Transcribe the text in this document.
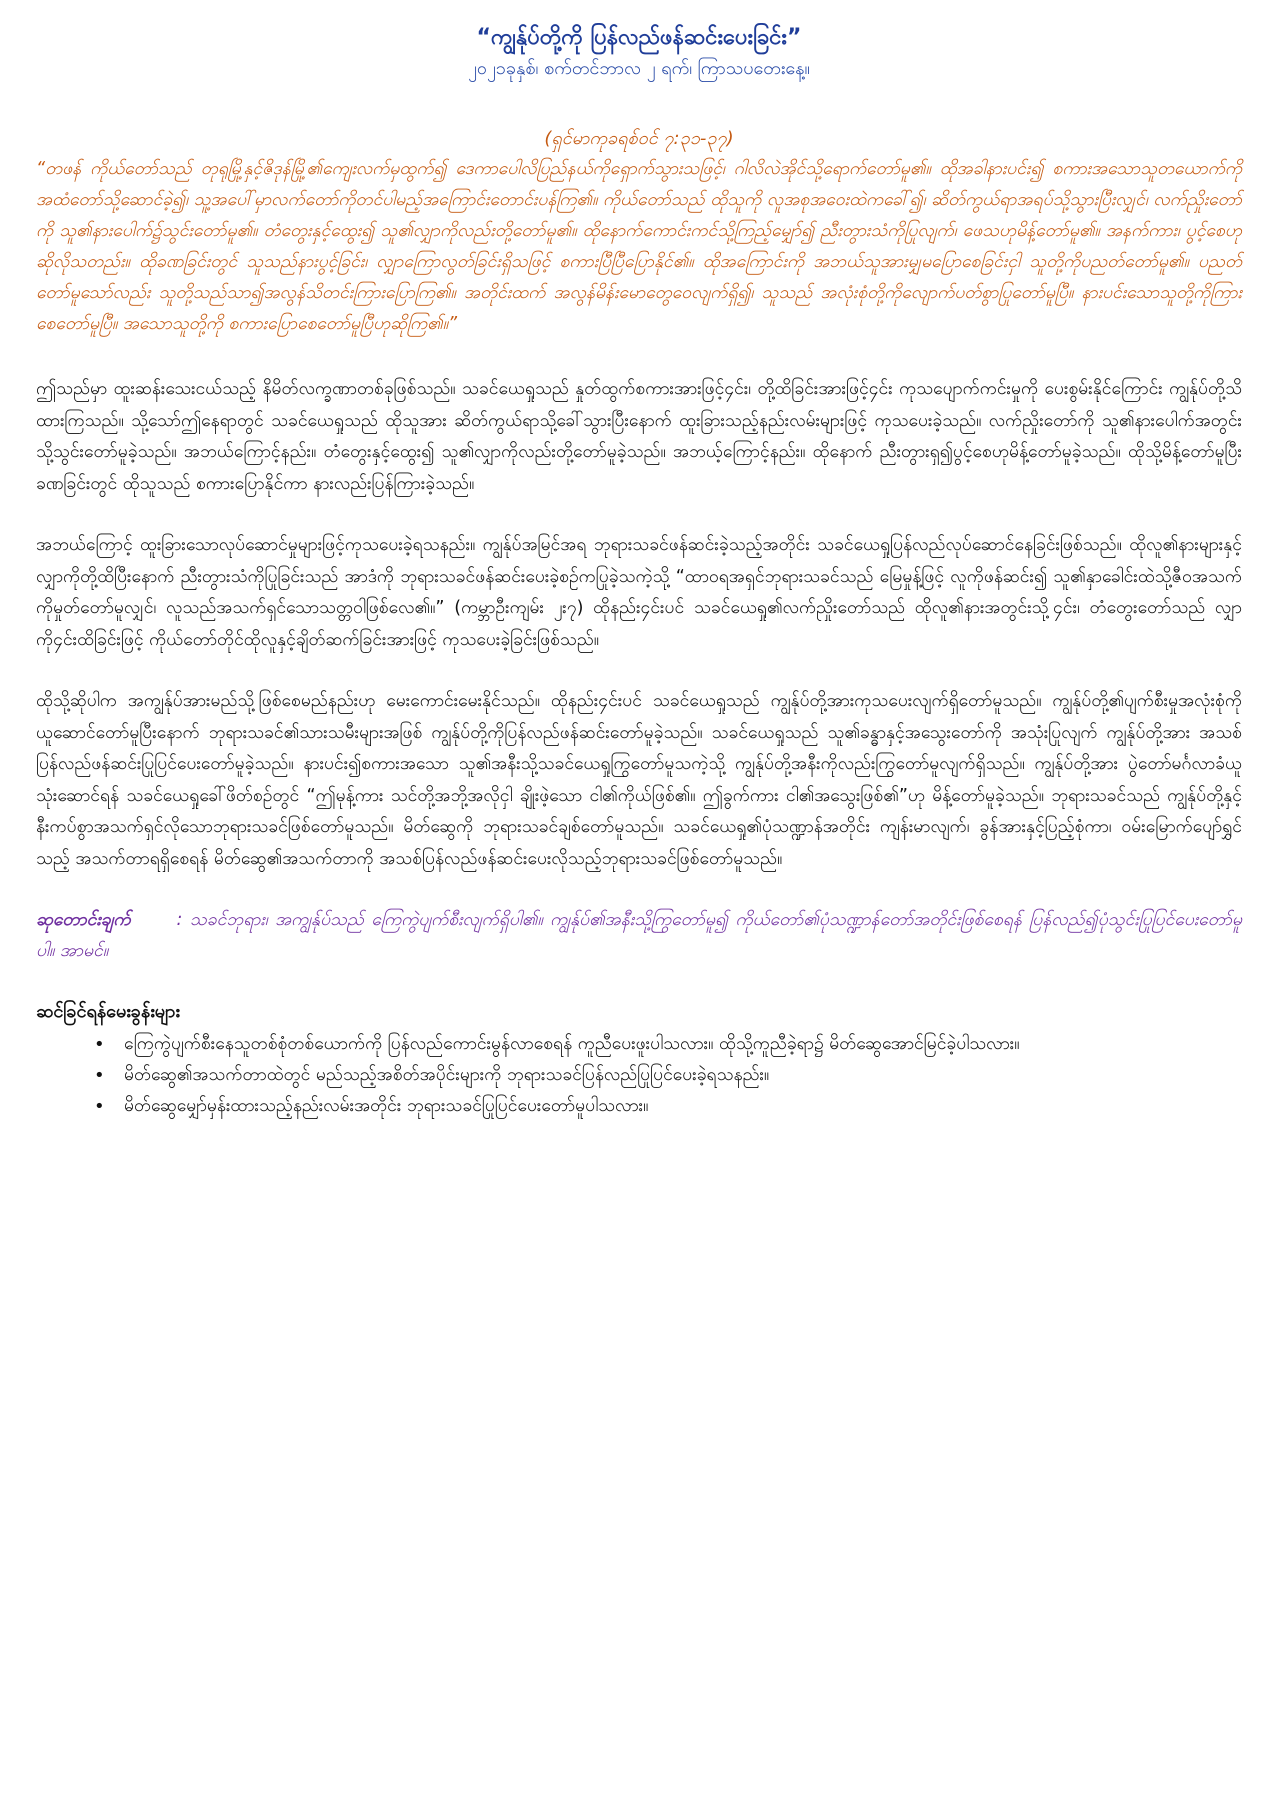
“ကျွန်ုပ်တို့ကို ပြန်လည်ဖန်ဆင်းပေးခြင်း”

၂၀၂၁ခုနှစ်၊ စက်တင်ဘာလ ၂ ရက်၊ ကြာသပတေးနေ့။

(ရှင်မာကုခရစ်ဝင် ၇:၃၁-၃၇)

“တဖန် ကိုယ်တော်သည် တုရုမြို့နှင့်ဇိဒုန်မြို့၏ကျေးလက်မှထွက်၍ ဒေကာပေါလိပြည်နယ်ကိုရှောက်သွားသဖြင့်၊ ဂါလိလဲအိုင်သို့ရောက်တော်မူ၏။ ထိုအခါနားပင်း၍ စကားအသောသူတယောက်ကို အထံတော်သို့ဆောင်ခဲ့၍၊ သူ့အပေါ်မှာလက်တော်ကိုတင်ပါမည့်အကြောင်းတောင်းပန်ကြ၏။ ကိုယ်တော်သည် ထိုသူကို လူအစုအဝေးထဲကခေါ်၍၊ ဆိတ်ကွယ်ရာအရပ်သို့သွားပြီးလျှင်၊ လက်ညှိုးတော်ကို သူ၏နားပေါက်၌သွင်းတော်မူ၏။ တံတွေးနှင့်ထွေး၍ သူ၏လျှာကိုလည်းတို့တော်မူ၏။ ထိုနောက်ကောင်းကင်သို့ကြည့်မျှော်၍ ညီးတွားသံကိုပြုလျက်၊ ဖေသဟုမိန့်တော်မူ၏။ အနက်ကား၊ ပွင့်စေဟုဆိုလိုသတည်း။ ထိုခဏခြင်းတွင် သူသည်နားပွင့်ခြင်း၊ လျှာကြောလွတ်ခြင်းရှိသဖြင့် စကားပြီပြီပြောနိုင်၏။ ထိုအကြောင်းကို အဘယ်သူအားမျှမပြောစေခြင်းငှါ သူတို့ကိုပညတ်တော်မူ၏။ ပညတ်တော်မူသော်လည်း သူတို့သည်သာ၍အလွန်သိတင်းကြားပြောကြ၏။ အတိုင်းထက် အလွန်မိန်းမောတွေဝေလျက်ရှိ၍၊ သူသည် အလုံးစုံတို့ကိုလျောက်ပတ်စွာပြုတော်မူပြီ။ နားပင်းသောသူတို့ကိုကြားစေတော်မူပြီ။ အသောသူတို့ကို စကားပြောစေတော်မူပြီဟုဆိုကြ၏။”

ဤသည်မှာ ထူးဆန်းသေးငယ်သည့် နိမိတ်လက္ခဏာတစ်ခုဖြစ်သည်။ သခင်ယေရှုသည် နှုတ်ထွက်စကားအားဖြင့်၄င်း၊ တို့ထိခြင်းအားဖြင့်၄င်း ကုသပျောက်ကင်းမှုကို ပေးစွမ်းနိုင်ကြောင်း ကျွန်ုပ်တို့သိထားကြသည်။ သို့သော်ဤနေရာတွင် သခင်ယေရှုသည် ထိုသူအား ဆိတ်ကွယ်ရာသို့ခေါ်သွားပြီးနောက် ထူးခြားသည့်နည်းလမ်းများဖြင့် ကုသပေးခဲ့သည်။ လက်ညှိုးတော်ကို သူ၏နားပေါက်အတွင်းသို့သွင်းတော်မူခဲ့သည်။ အဘယ်ကြောင့်နည်း။ တံတွေးနှင့်ထွေး၍ သူ၏လျှာကိုလည်းတို့တော်မူခဲ့သည်။ အဘယ့်ကြောင့်နည်း။ ထိုနောက် ညီးတွားရှ၍ပွင့်စေဟုမိန့်တော်မူခဲ့သည်။ ထိုသို့မိန့်တော်မူပြီးခဏခြင်းတွင် ထိုသူသည် စကားပြောနိုင်ကာ နားလည်းပြန်ကြားခဲ့သည်။

အဘယ်ကြောင့် ထူးခြားသောလုပ်ဆောင်မှုများဖြင့်ကုသပေးခဲ့ရသနည်း။ ကျွန်ုပ်အမြင်အရ ဘုရားသခင်ဖန်ဆင်းခဲ့သည့်အတိုင်း သခင်ယေရှုပြန်လည်လုပ်ဆောင်နေခြင်းဖြစ်သည်။ ထိုလူ၏နားများနှင့်လျှာကိုတို့ထိပြီးနောက် ညီးတွားသံကိုပြုခြင်းသည် အာဒံကို ဘုရားသခင်ဖန်ဆင်းပေးခဲ့စဉ်ကပြုခဲ့သကဲ့သို့ “ထာဝရအရှင်ဘုရားသခင်သည် မြေမှုန့်ဖြင့် လူကိုဖန်ဆင်း၍ သူ၏နှာခေါင်းထဲသို့ဇီဝအသက်ကိုမှုတ်တော်မူလျှင်၊ လူသည်အသက်ရှင်သောသတ္တဝါဖြစ်လေ၏။” (ကမ္ဘာဦးကျမ်း ၂း၇) ထိုနည်း၄င်းပင် သခင်ယေရှု၏လက်ညှိုးတော်သည် ထိုလူ၏နားအတွင်းသို့၄င်း၊ တံတွေးတော်သည် လျှာကို၄င်းထိခြင်းဖြင့် ကိုယ်တော်တိုင်ထိုလူနှင့်ချိတ်ဆက်ခြင်းအားဖြင့် ကုသပေးခဲ့ခြင်းဖြစ်သည်။

ထိုသို့ဆိုပါက အကျွန်ုပ်အားမည်သို့ဖြစ်စေမည်နည်းဟု မေးကောင်းမေးနိုင်သည်။ ထိုနည်း၄င်းပင် သခင်ယေရှုသည် ကျွန်ုပ်တို့အားကုသပေးလျက်ရှိတော်မူသည်။ ကျွန်ုပ်တို့၏ပျက်စီးမှုအလုံးစုံကို ယူဆောင်တော်မူပြီးနောက် ဘုရားသခင်၏သားသမီးများအဖြစ် ကျွန်ုပ်တို့ကိုပြန်လည်ဖန်ဆင်းတော်မူခဲ့သည်။ သခင်ယေရှုသည် သူ၏ခန္ဓာနှင့်အသွေးတော်ကို အသုံးပြုလျက် ကျွန်ုပ်တို့အား အသစ်ပြန်လည်ဖန်ဆင်းပြုပြင်ပေးတော်မူခဲ့သည်။ နားပင်း၍စကားအသော သူ၏အနီးသို့သခင်ယေရှုကြွတော်မူသကဲ့သို့ ကျွန်ုပ်တို့အနီးကိုလည်းကြွတော်မူလျက်ရှိသည်။ ကျွန်ုပ်တို့အား ပွဲတော်မင်္ဂလာခံယူသုံးဆောင်ရန် သခင်ယေရှုခေါ်ဖိတ်စဉ်တွင် “ဤမုန့်ကား သင်တို့အဘို့အလိုငှါ ချိုးဖဲ့သော ငါ၏ကိုယ်ဖြစ်၏။ ဤခွက်ကား ငါ၏အသွေးဖြစ်၏”ဟု မိန့်တော်မူခဲ့သည်။ ဘုရားသခင်သည် ကျွန်ုပ်တို့နှင့်နီးကပ်စွာအသက်ရှင်လိုသောဘုရားသခင်ဖြစ်တော်မူသည်။ မိတ်ဆွေကို ဘုရားသခင်ချစ်တော်မူသည်။ သခင်ယေရှု၏ပုံသဏ္ဍာန်အတိုင်း ကျန်းမာလျက်၊ ခွန်အားနှင့်ပြည့်စုံကာ၊ ဝမ်းမြောက်ပျော်ရွှင်သည့် အသက်တာရရှိစေရန် မိတ်ဆွေ၏အသက်တာကို အသစ်ပြန်လည်ဖန်ဆင်းပေးလိုသည့်ဘုရားသခင်ဖြစ်တော်မူသည်။

ဆုတောင်းချက်	: သခင်ဘုရား၊ အကျွန်ုပ်သည် ကြေကွဲပျက်စီးလျက်ရှိပါ၏။ ကျွန်ုပ်၏အနီးသို့ကြွတော်မူ၍ ကိုယ်တော်၏ပုံသဏ္ဍာန်တော်အတိုင်းဖြစ်စေရန် ပြန်လည်၍ပုံသွင်းပြုပြင်ပေးတော်မူပါ။ အာမင်။

ဆင်ခြင်ရန်မေးခွန်းများ

• ကြေကွဲပျက်စီးနေသူတစ်စုံတစ်ယောက်ကို ပြန်လည်ကောင်းမွန်လာစေရန် ကူညီပေးဖူးပါသလား။ ထိုသို့ကူညီခဲ့ရာ၌ မိတ်ဆွေအောင်မြင်ခဲ့ပါသလား။
• မိတ်ဆွေ၏အသက်တာထဲတွင် မည်သည့်အစိတ်အပိုင်းများကို ဘုရားသခင်ပြန်လည်ပြုပြင်ပေးခဲ့ရသနည်း။
• မိတ်ဆွေမျှော်မှန်းထားသည့်နည်းလမ်းအတိုင်း ဘုရားသခင်ပြုပြင်ပေးတော်မူပါသလား။
